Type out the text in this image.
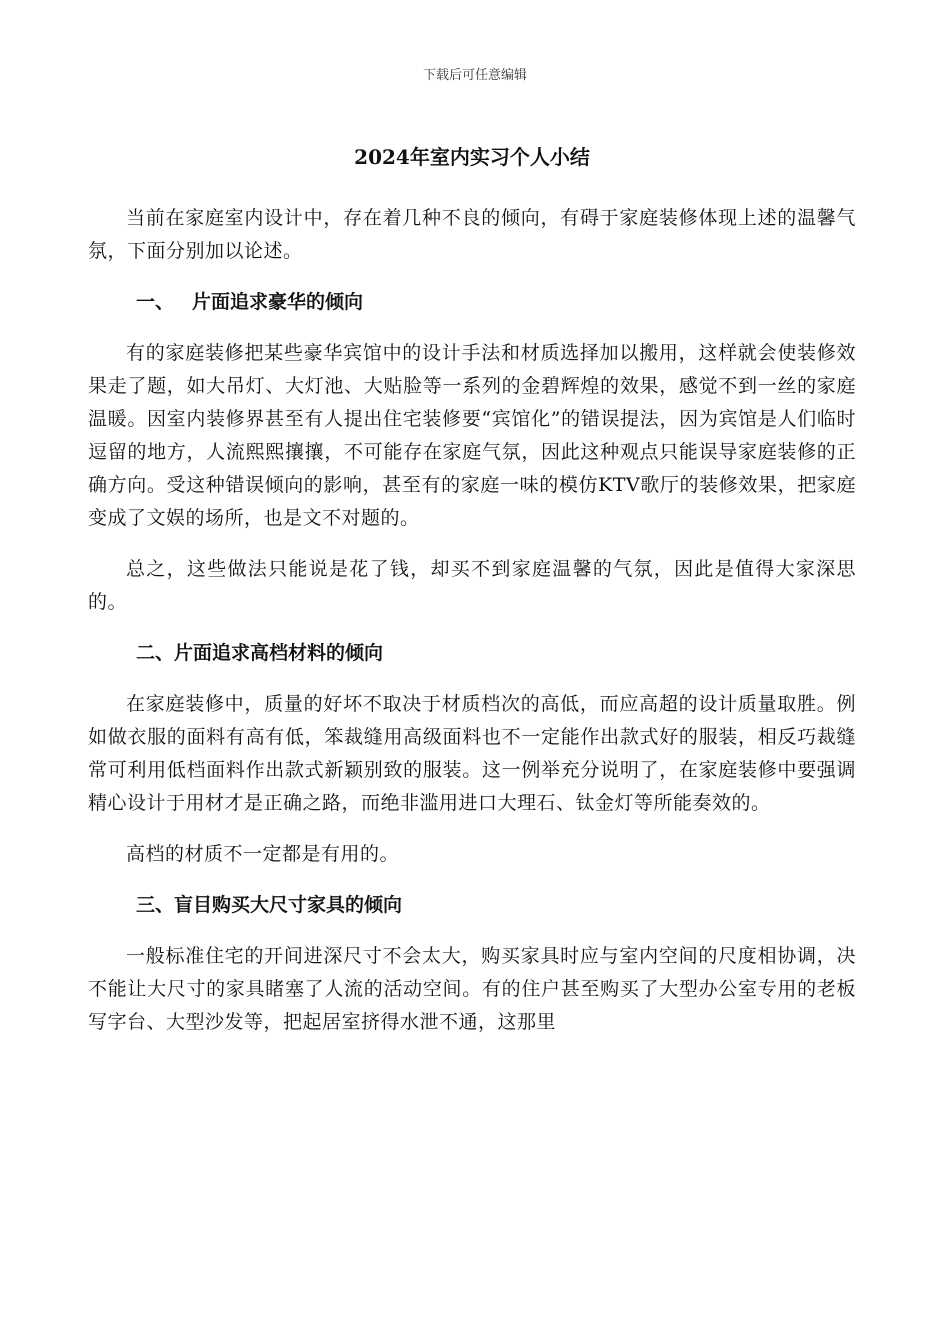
下载后可任意编辑
2024年室内实习个人小结

当前在家庭室内设计中，存在着几种不良的倾向，有碍于家庭装修体现上述的温馨气氛，下面分别加以论述。

一、 片面追求豪华的倾向

有的家庭装修把某些豪华宾馆中的设计手法和材质选择加以搬用，这样就会使装修效果走了题，如大吊灯、大灯池、大贴脸等一系列的金碧辉煌的效果，感觉不到一丝的家庭温暖。因室内装修界甚至有人提出住宅装修要“宾馆化”的错误提法，因为宾馆是人们临时逗留的地方，人流熙熙攘攘，不可能存在家庭气氛，因此这种观点只能误导家庭装修的正确方向。受这种错误倾向的影响，甚至有的家庭一味的模仿KTV歌厅的装修效果，把家庭变成了文娱的场所，也是文不对题的。

总之，这些做法只能说是花了钱，却买不到家庭温馨的气氛，因此是值得大家深思的。

二、片面追求高档材料的倾向

在家庭装修中，质量的好坏不取决于材质档次的高低，而应高超的设计质量取胜。例如做衣服的面料有高有低，笨裁缝用高级面料也不一定能作出款式好的服装，相反巧裁缝常可利用低档面料作出款式新颖别致的服装。这一例举充分说明了，在家庭装修中要强调精心设计于用材才是正确之路，而绝非滥用进口大理石、钛金灯等所能奏效的。

高档的材质不一定都是有用的。

三、盲目购买大尺寸家具的倾向

一般标准住宅的开间进深尺寸不会太大，购买家具时应与室内空间的尺度相协调，决不能让大尺寸的家具睹塞了人流的活动空间。有的住户甚至购买了大型办公室专用的老板写字台、大型沙发等，把起居室挤得水泄不通，这那里
